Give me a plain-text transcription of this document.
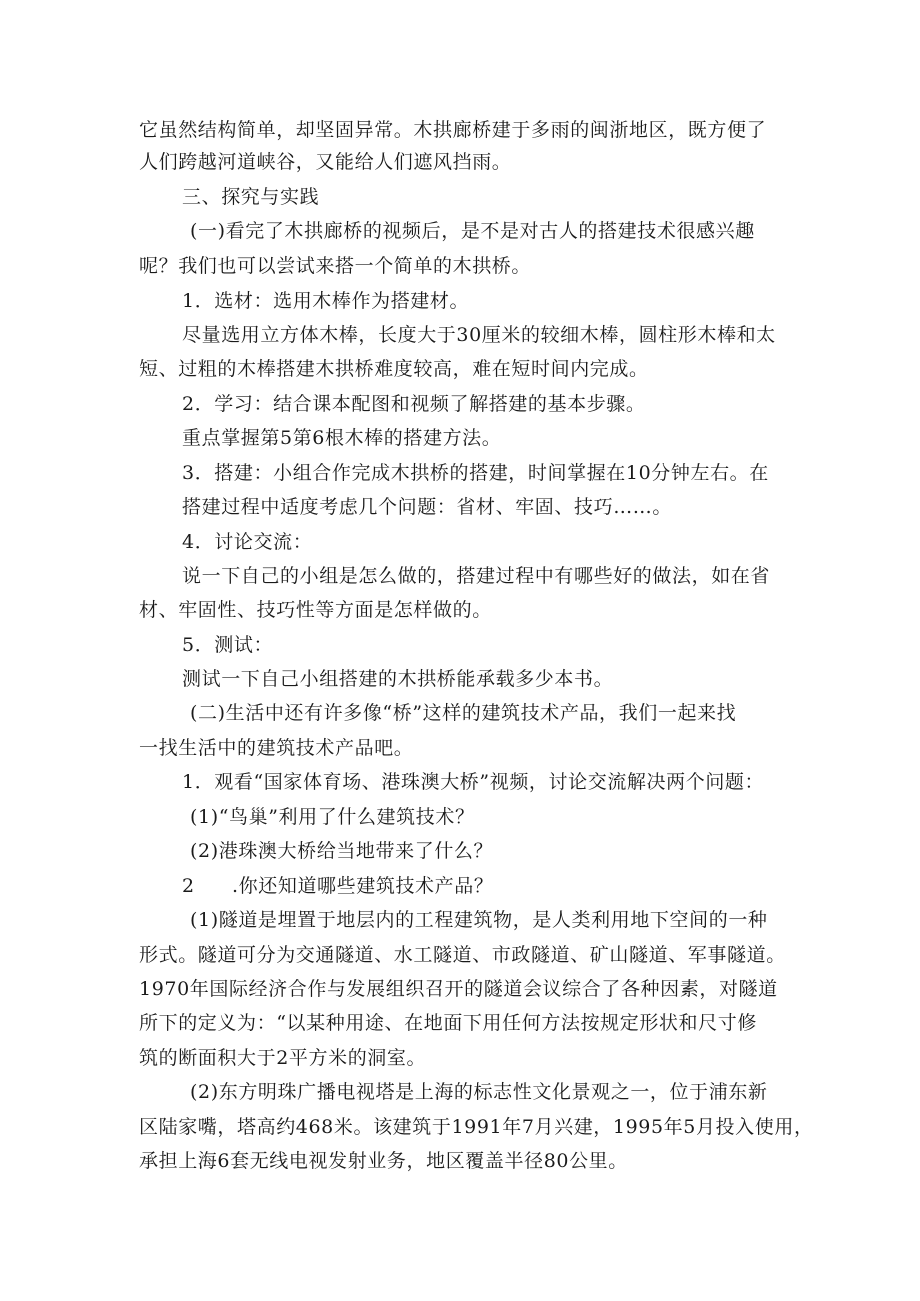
它虽然结构简单，却坚固异常。木拱廊桥建于多雨的闽浙地区，既方便了
人们跨越河道峡谷，又能给人们遮风挡雨。
三、探究与实践
(一)看完了木拱廊桥的视频后，是不是对古人的搭建技术很感兴趣
呢？我们也可以尝试来搭一个简单的木拱桥。
1．选材：选用木棒作为搭建材。
尽量选用立方体木棒，长度大于30厘米的较细木棒，圆柱形木棒和太
短、过粗的木棒搭建木拱桥难度较高，难在短时间内完成。
2．学习：结合课本配图和视频了解搭建的基本步骤。
重点掌握第5第6根木棒的搭建方法。
3．搭建：小组合作完成木拱桥的搭建，时间掌握在10分钟左右。在
搭建过程中适度考虑几个问题：省材、牢固、技巧……。
4．讨论交流：
说一下自己的小组是怎么做的，搭建过程中有哪些好的做法，如在省
材、牢固性、技巧性等方面是怎样做的。
5．测试：
测试一下自己小组搭建的木拱桥能承载多少本书。
(二)生活中还有许多像“桥”这样的建筑技术产品，我们一起来找
一找生活中的建筑技术产品吧。
1．观看“国家体育场、港珠澳大桥”视频，讨论交流解决两个问题：
(1)“鸟巢”利用了什么建筑技术？
(2)港珠澳大桥给当地带来了什么？
2 .你还知道哪些建筑技术产品？
(1)隧道是埋置于地层内的工程建筑物，是人类利用地下空间的一种
形式。隧道可分为交通隧道、水工隧道、市政隧道、矿山隧道、军事隧道。
1970年国际经济合作与发展组织召开的隧道会议综合了各种因素，对隧道
所下的定义为：“以某种用途、在地面下用任何方法按规定形状和尺寸修
筑的断面积大于2平方米的洞室。
(2)东方明珠广播电视塔是上海的标志性文化景观之一，位于浦东新
区陆家嘴，塔高约468米。该建筑于1991年7月兴建，1995年5月投入使用，
承担上海6套无线电视发射业务，地区覆盖半径80公里。
